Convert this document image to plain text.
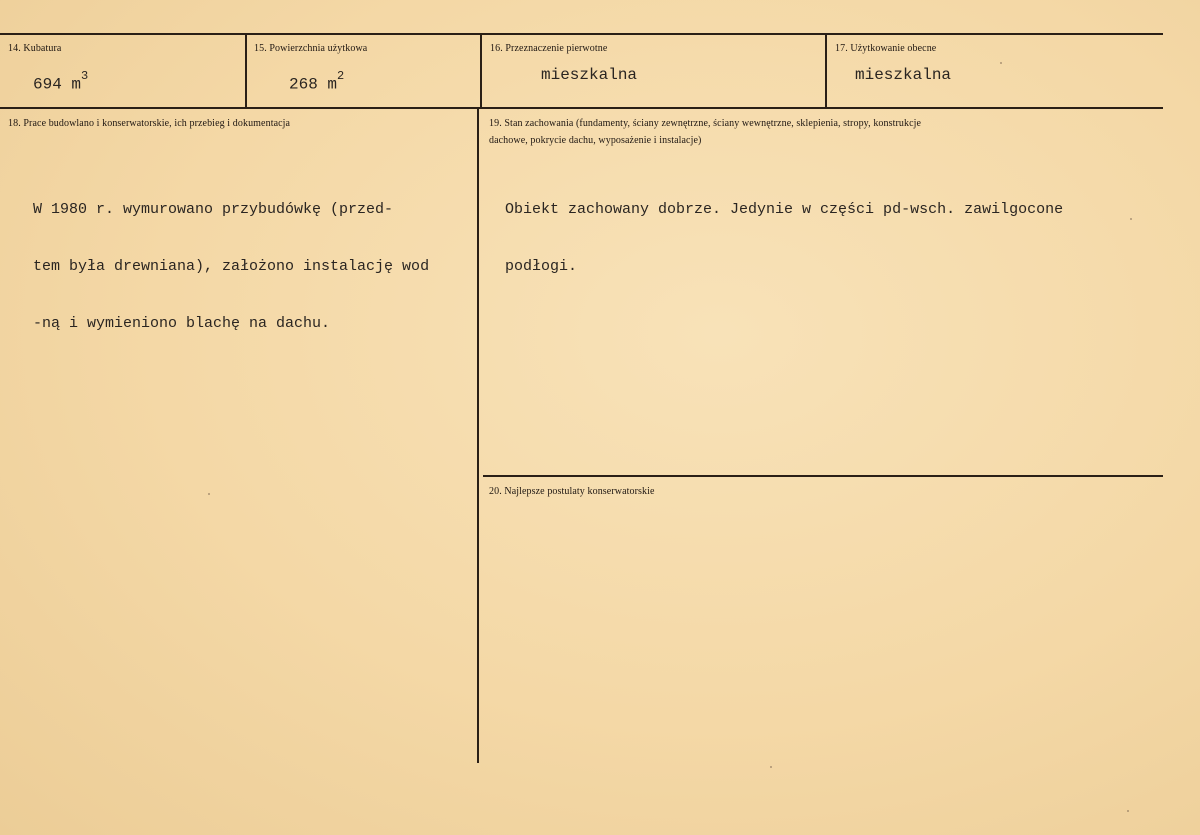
14. Kubatura
694 $m^3$
15. Powierzchnia użytkowa
268 $m^2$
16. Przeznaczenie pierwotne
mieszkalna
17. Użytkowanie obecne
mieszkalna
18. Prace budowlano i konserwatorskie, ich przebieg i dokumentacja

W 1980 r. wymurowano przybudówkę (przed-

tem była drewniana), założono instalację wod

-ną i wymieniono blachę na dachu.

19. Stan zachowania (fundamenty, ściany zewnętrzne, ściany wewnętrzne, sklepienia, stropy, konstrukcje
dachowe, pokrycie dachu, wyposażenie i instalacje)

Obiekt zachowany dobrze. Jedynie w części pd-wsch. zawilgocone

podłogi.

20. Najlepsze postulaty konserwatorskie
